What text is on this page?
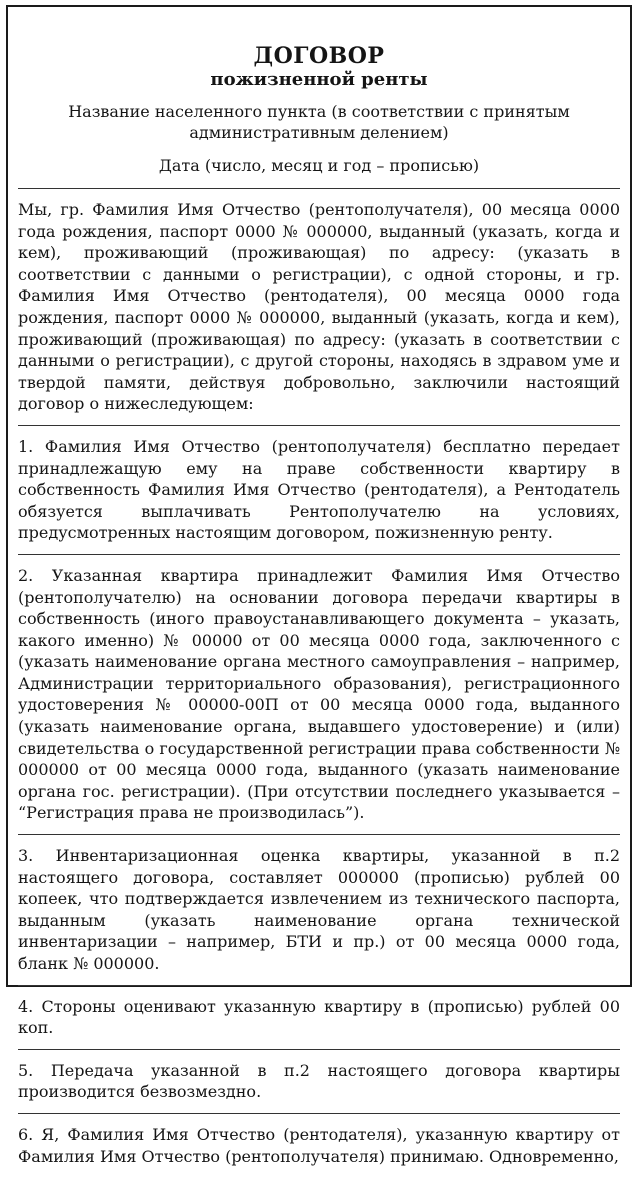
ДОГОВОР
пожизненной ренты

Название населенного пункта (в соответствии с принятым административным делением)

Дата (число, месяц и год – прописью)

Мы, гр. Фамилия Имя Отчество (рентополучателя), 00 месяца 0000 года рождения, паспорт 0000 № 000000, выданный (указать, когда и кем), проживающий (проживающая) по адресу: (указать в соответствии с данными о регистрации), с одной стороны, и гр. Фамилия Имя Отчество (рентодателя), 00 месяца 0000 года рождения, паспорт 0000 № 000000, выданный (указать, когда и кем), проживающий (проживающая) по адресу: (указать в соответствии с данными о регистрации), с другой стороны, находясь в здравом уме и твердой памяти, действуя добровольно, заключили настоящий договор о нижеследующем:

1. Фамилия Имя Отчество (рентополучателя) бесплатно передает принадлежащую ему на праве собственности квартиру в собственность Фамилия Имя Отчество (рентодателя), а Рентодатель обязуется выплачивать Рентополучателю на условиях, предусмотренных настоящим договором, пожизненную ренту.

2. Указанная квартира принадлежит Фамилия Имя Отчество (рентополучателю) на основании договора передачи квартиры в собственность (иного правоустанавливающего документа – указать, какого именно) № 00000 от 00 месяца 0000 года, заключенного с (указать наименование органа местного самоуправления – например, Администрации территориального образования), регистрационного удостоверения № 00000-00П от 00 месяца 0000 года, выданного (указать наименование органа, выдавшего удостоверение) и (или) свидетельства о государственной регистрации права собственности № 000000 от 00 месяца 0000 года, выданного (указать наименование органа гос. регистрации). (При отсутствии последнего указывается – “Регистрация права не производилась”).

3. Инвентаризационная оценка квартиры, указанной в п.2 настоящего договора, составляет 000000 (прописью) рублей 00 копеек, что подтверждается извлечением из технического паспорта, выданным (указать наименование органа технической инвентаризации – например, БТИ и пр.) от 00 месяца 0000 года, бланк № 000000.

4. Стороны оценивают указанную квартиру в (прописью) рублей 00 коп.

5. Передача указанной в п.2 настоящего договора квартиры производится безвозмездно.

6. Я, Фамилия Имя Отчество (рентодателя), указанную квартиру от Фамилия Имя Отчество (рентополучателя) принимаю. Одновременно,
